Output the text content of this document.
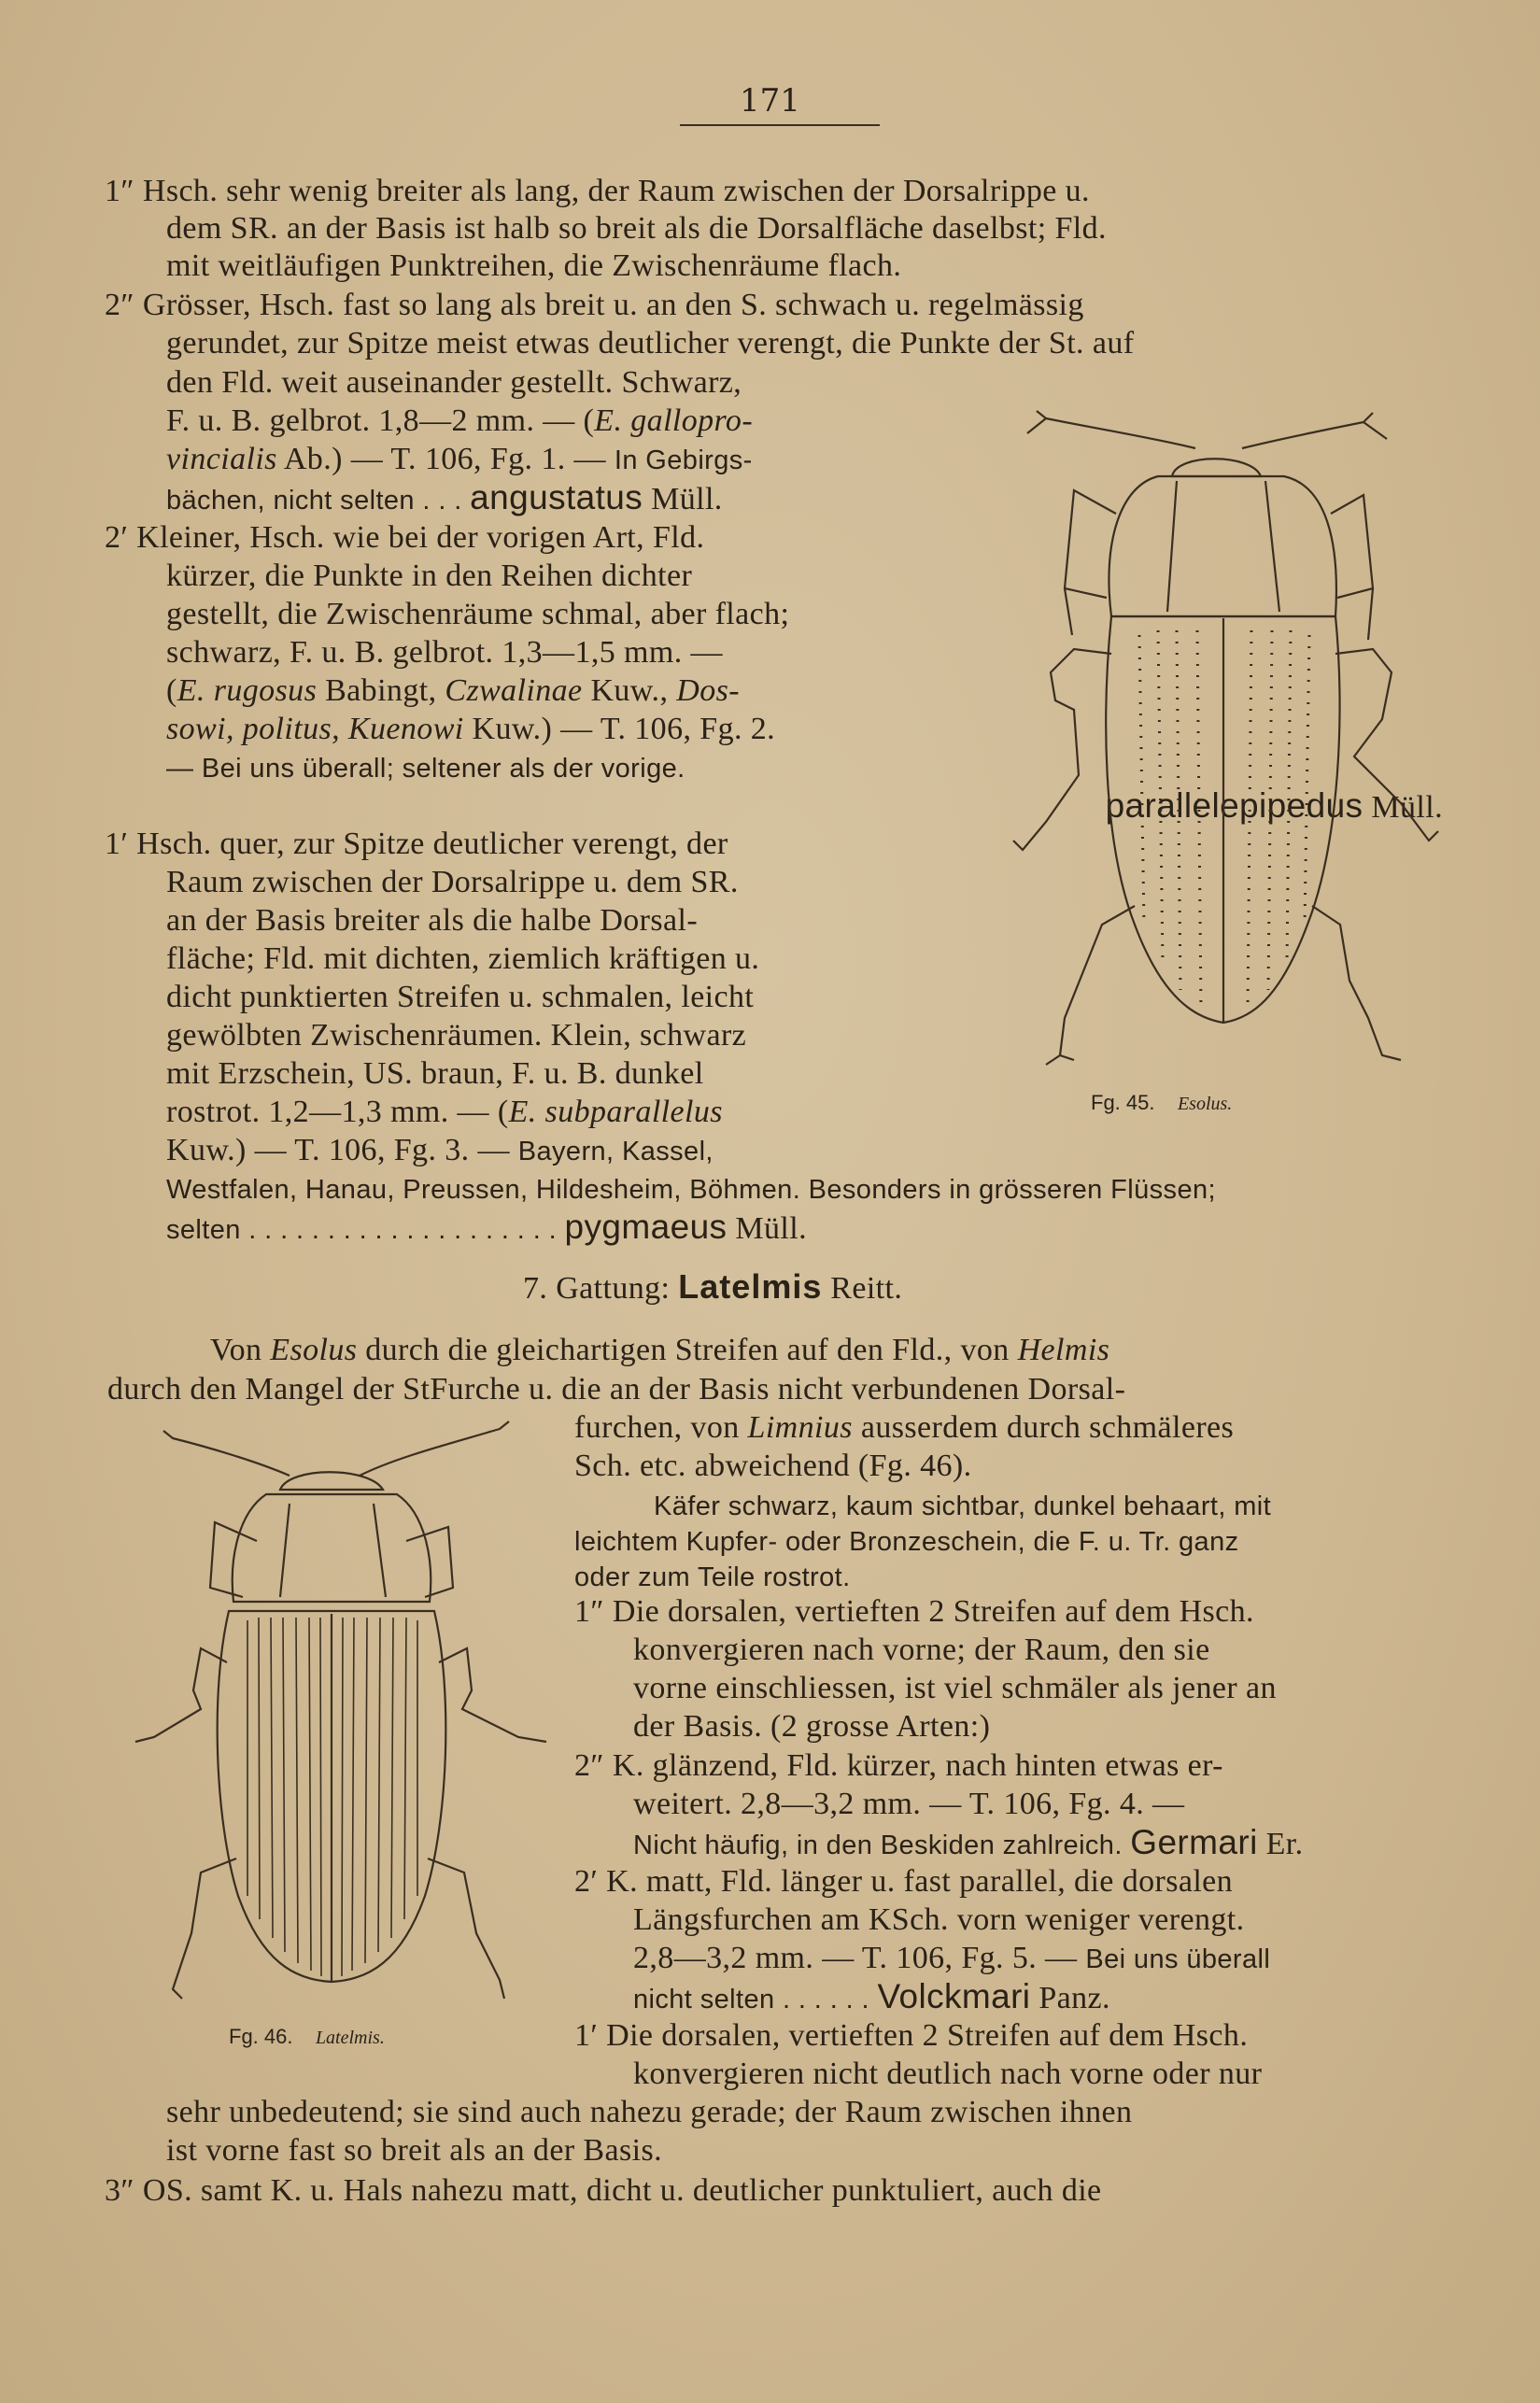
171
1″ Hsch. sehr wenig breiter als lang, der Raum zwischen der Dorsalrippe u.
dem SR. an der Basis ist halb so breit als die Dorsalfläche daselbst; Fld.
mit weitläufigen Punktreihen, die Zwischenräume flach.
2″ Grösser, Hsch. fast so lang als breit u. an den S. schwach u. regelmässig
gerundet, zur Spitze meist etwas deutlicher verengt, die Punkte der St. auf
den Fld. weit auseinander gestellt. Schwarz,
F. u. B. gelbrot. 1,8—2 mm. — (E. gallopro-
vincialis Ab.) — T. 106, Fg. 1. — In Gebirgs-
bächen, nicht selten . . . angustatus Müll.
2′ Kleiner, Hsch. wie bei der vorigen Art, Fld.
kürzer, die Punkte in den Reihen dichter
gestellt, die Zwischenräume schmal, aber flach;
schwarz, F. u. B. gelbrot. 1,3—1,5 mm. —
(E. rugosus Babingt, Czwalinae Kuw., Dos-
sowi, politus, Kuenowi Kuw.) — T. 106, Fg. 2.
— Bei uns überall; seltener als der vorige.
parallelepipedus Müll.
1′ Hsch. quer, zur Spitze deutlicher verengt, der
Raum zwischen der Dorsalrippe u. dem SR.
an der Basis breiter als die halbe Dorsal-
fläche; Fld. mit dichten, ziemlich kräftigen u.
dicht punktierten Streifen u. schmalen, leicht
gewölbten Zwischenräumen. Klein, schwarz
mit Erzschein, US. braun, F. u. B. dunkel
rostrot. 1,2—1,3 mm. — (E. subparallelus
Kuw.) — T. 106, Fg. 3. — Bayern, Kassel,
Westfalen, Hanau, Preussen, Hildesheim, Böhmen. Besonders in grösseren Flüssen;
selten . . . . . . . . . . . . . . . . . . . . pygmaeus Müll.
7. Gattung: Latelmis Reitt.
Von Esolus durch die gleichartigen Streifen auf den Fld., von Helmis
durch den Mangel der StFurche u. die an der Basis nicht verbundenen Dorsal-
furchen, von Limnius ausserdem durch schmäleres
Sch. etc. abweichend (Fg. 46).
Käfer schwarz, kaum sichtbar, dunkel behaart, mit
leichtem Kupfer- oder Bronzeschein, die F. u. Tr. ganz
oder zum Teile rostrot.
1″ Die dorsalen, vertieften 2 Streifen auf dem Hsch.
konvergieren nach vorne; der Raum, den sie
vorne einschliessen, ist viel schmäler als jener an
der Basis. (2 grosse Arten:)
2″ K. glänzend, Fld. kürzer, nach hinten etwas er-
weitert. 2,8—3,2 mm. — T. 106, Fg. 4. —
Nicht häufig, in den Beskiden zahlreich. Germari Er.
2′ K. matt, Fld. länger u. fast parallel, die dorsalen
Längsfurchen am KSch. vorn weniger verengt.
2,8—3,2 mm. — T. 106, Fg. 5. — Bei uns überall
nicht selten . . . . . . Volckmari Panz.
1′ Die dorsalen, vertieften 2 Streifen auf dem Hsch.
konvergieren nicht deutlich nach vorne oder nur
sehr unbedeutend; sie sind auch nahezu gerade; der Raum zwischen ihnen
ist vorne fast so breit als an der Basis.
3″ OS. samt K. u. Hals nahezu matt, dicht u. deutlicher punktuliert, auch die
Fg. 45. Esolus.
Fg. 46. Latelmis.
